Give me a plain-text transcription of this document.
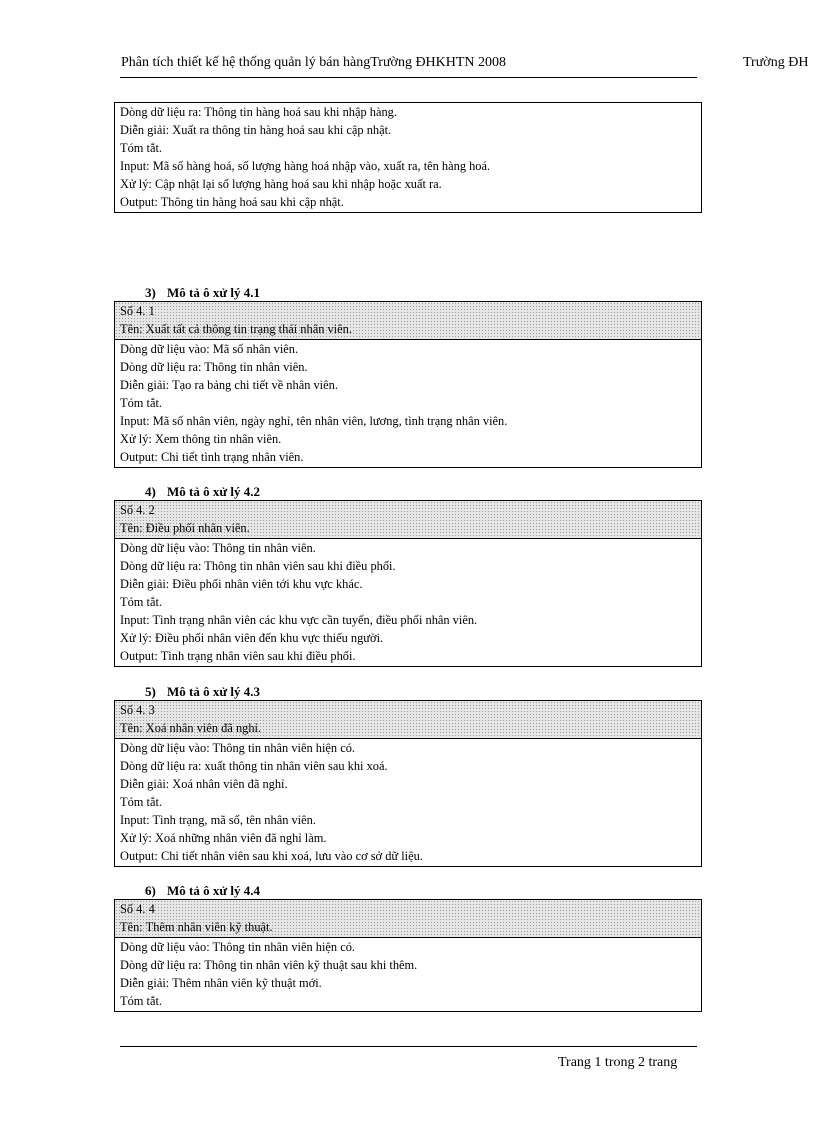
Phân tích thiết kế hệ thống quản lý bán hàngTrường ĐHKHTN 2008	Trường ĐH
Dòng dữ liệu ra: Thông tin hàng hoá sau khi nhập hàng.
Diễn giải: Xuất ra thông tin hàng hoá sau khi cập nhật.
Tóm tắt.
Input: Mã số hàng hoá, số lượng hàng hoá nhập vào, xuất ra, tên hàng hoá.
Xử lý: Cập nhật lại số lượng hàng hoá sau khi nhập hoặc xuất ra.
Output: Thông tin hàng hoá sau khi cập nhật.
3) Mô tả ô xử lý 4.1
Số 4. 1
Tên: Xuất tất cả thông tin trạng thái nhân viên.
Dòng dữ liệu vào: Mã số nhân viên.
Dòng dữ liệu ra: Thông tin nhân viên.
Diễn giải: Tạo ra bảng chi tiết về nhân viên.
Tóm tắt.
Input: Mã số nhân viên, ngày nghỉ, tên nhân viên, lương, tình trạng nhân viên.
Xử lý: Xem thông tin nhân viên.
Output: Chi tiết tình trạng nhân viên.
4) Mô tả ô xử lý 4.2
Số 4. 2
Tên: Điều phối nhân viên.
Dòng dữ liệu vào: Thông tin nhân viên.
Dòng dữ liệu ra: Thông tin nhân viên sau khi điều phối.
Diễn giải: Điều phối nhân viên tới khu vực khác.
Tóm tắt.
Input: Tình trạng nhân viên các khu vực cần tuyển, điều phối nhân viên.
Xử lý: Điều phối nhân viên đến khu vực thiếu người.
Output: Tình trạng nhân viên sau khi điều phối.
5) Mô tả ô xử lý 4.3
Số 4. 3
Tên: Xoá nhân viên đã nghỉ.
Dòng dữ liệu vào: Thông tin nhân viên hiện có.
Dòng dữ liệu ra: xuất thông tin nhân viên sau khi xoá.
Diễn giải: Xoá nhân viên đã nghỉ.
Tóm tắt.
Input: Tình trạng, mã số, tên nhân viên.
Xử lý: Xoá những nhân viên đã nghỉ làm.
Output: Chi tiết nhân viên sau khi xoá, lưu vào cơ sở dữ liệu.
6) Mô tả ô xử lý 4.4
Số 4. 4
Tên: Thêm nhân viên kỹ thuật.
Dòng dữ liệu vào: Thông tin nhân viên hiện có.
Dòng dữ liệu ra: Thông tin nhân viên kỹ thuật sau khi thêm.
Diễn giải: Thêm nhân viên kỹ thuật mới.
Tóm tắt.
Trang 1 trong 2 trang
